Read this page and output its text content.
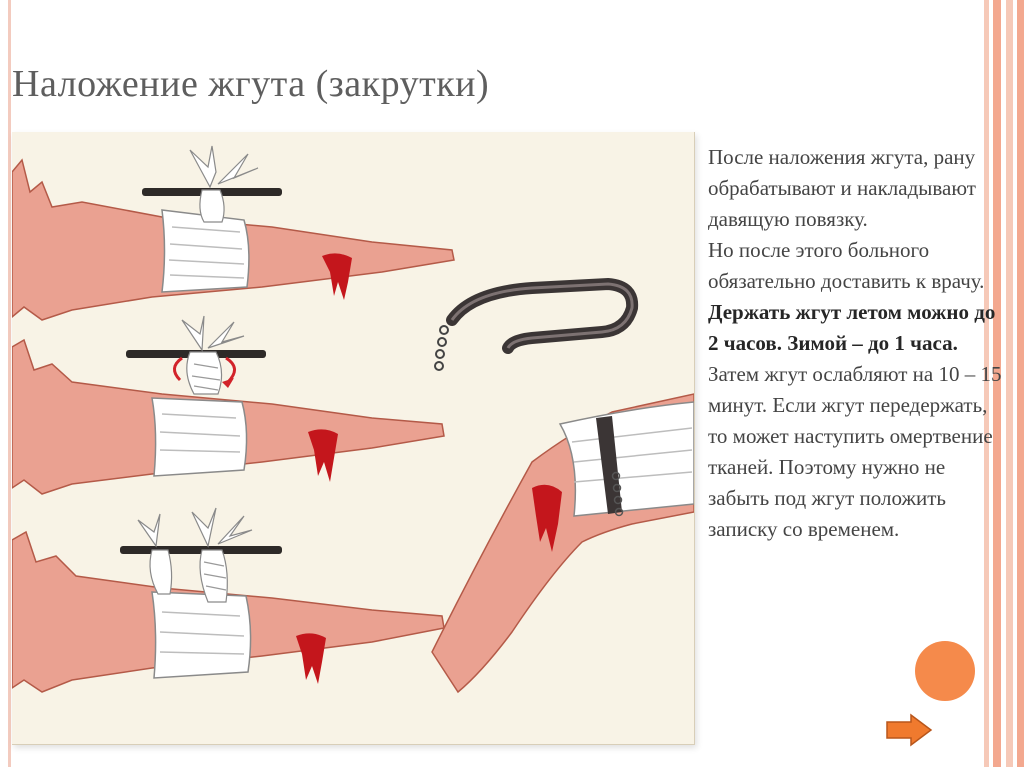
Наложение жгута (закрутки)

После наложения жгута, рану обрабатывают и накладывают давящую повязку.
Но после этого больного обязательно доставить к врачу. Держать жгут летом можно до 2 часов. Зимой – до 1 часа. Затем жгут ослабляют на 10 – 15 минут. Если жгут передержать, то может наступить омертвение тканей. Поэтому нужно не забыть под жгут положить записку со временем.
